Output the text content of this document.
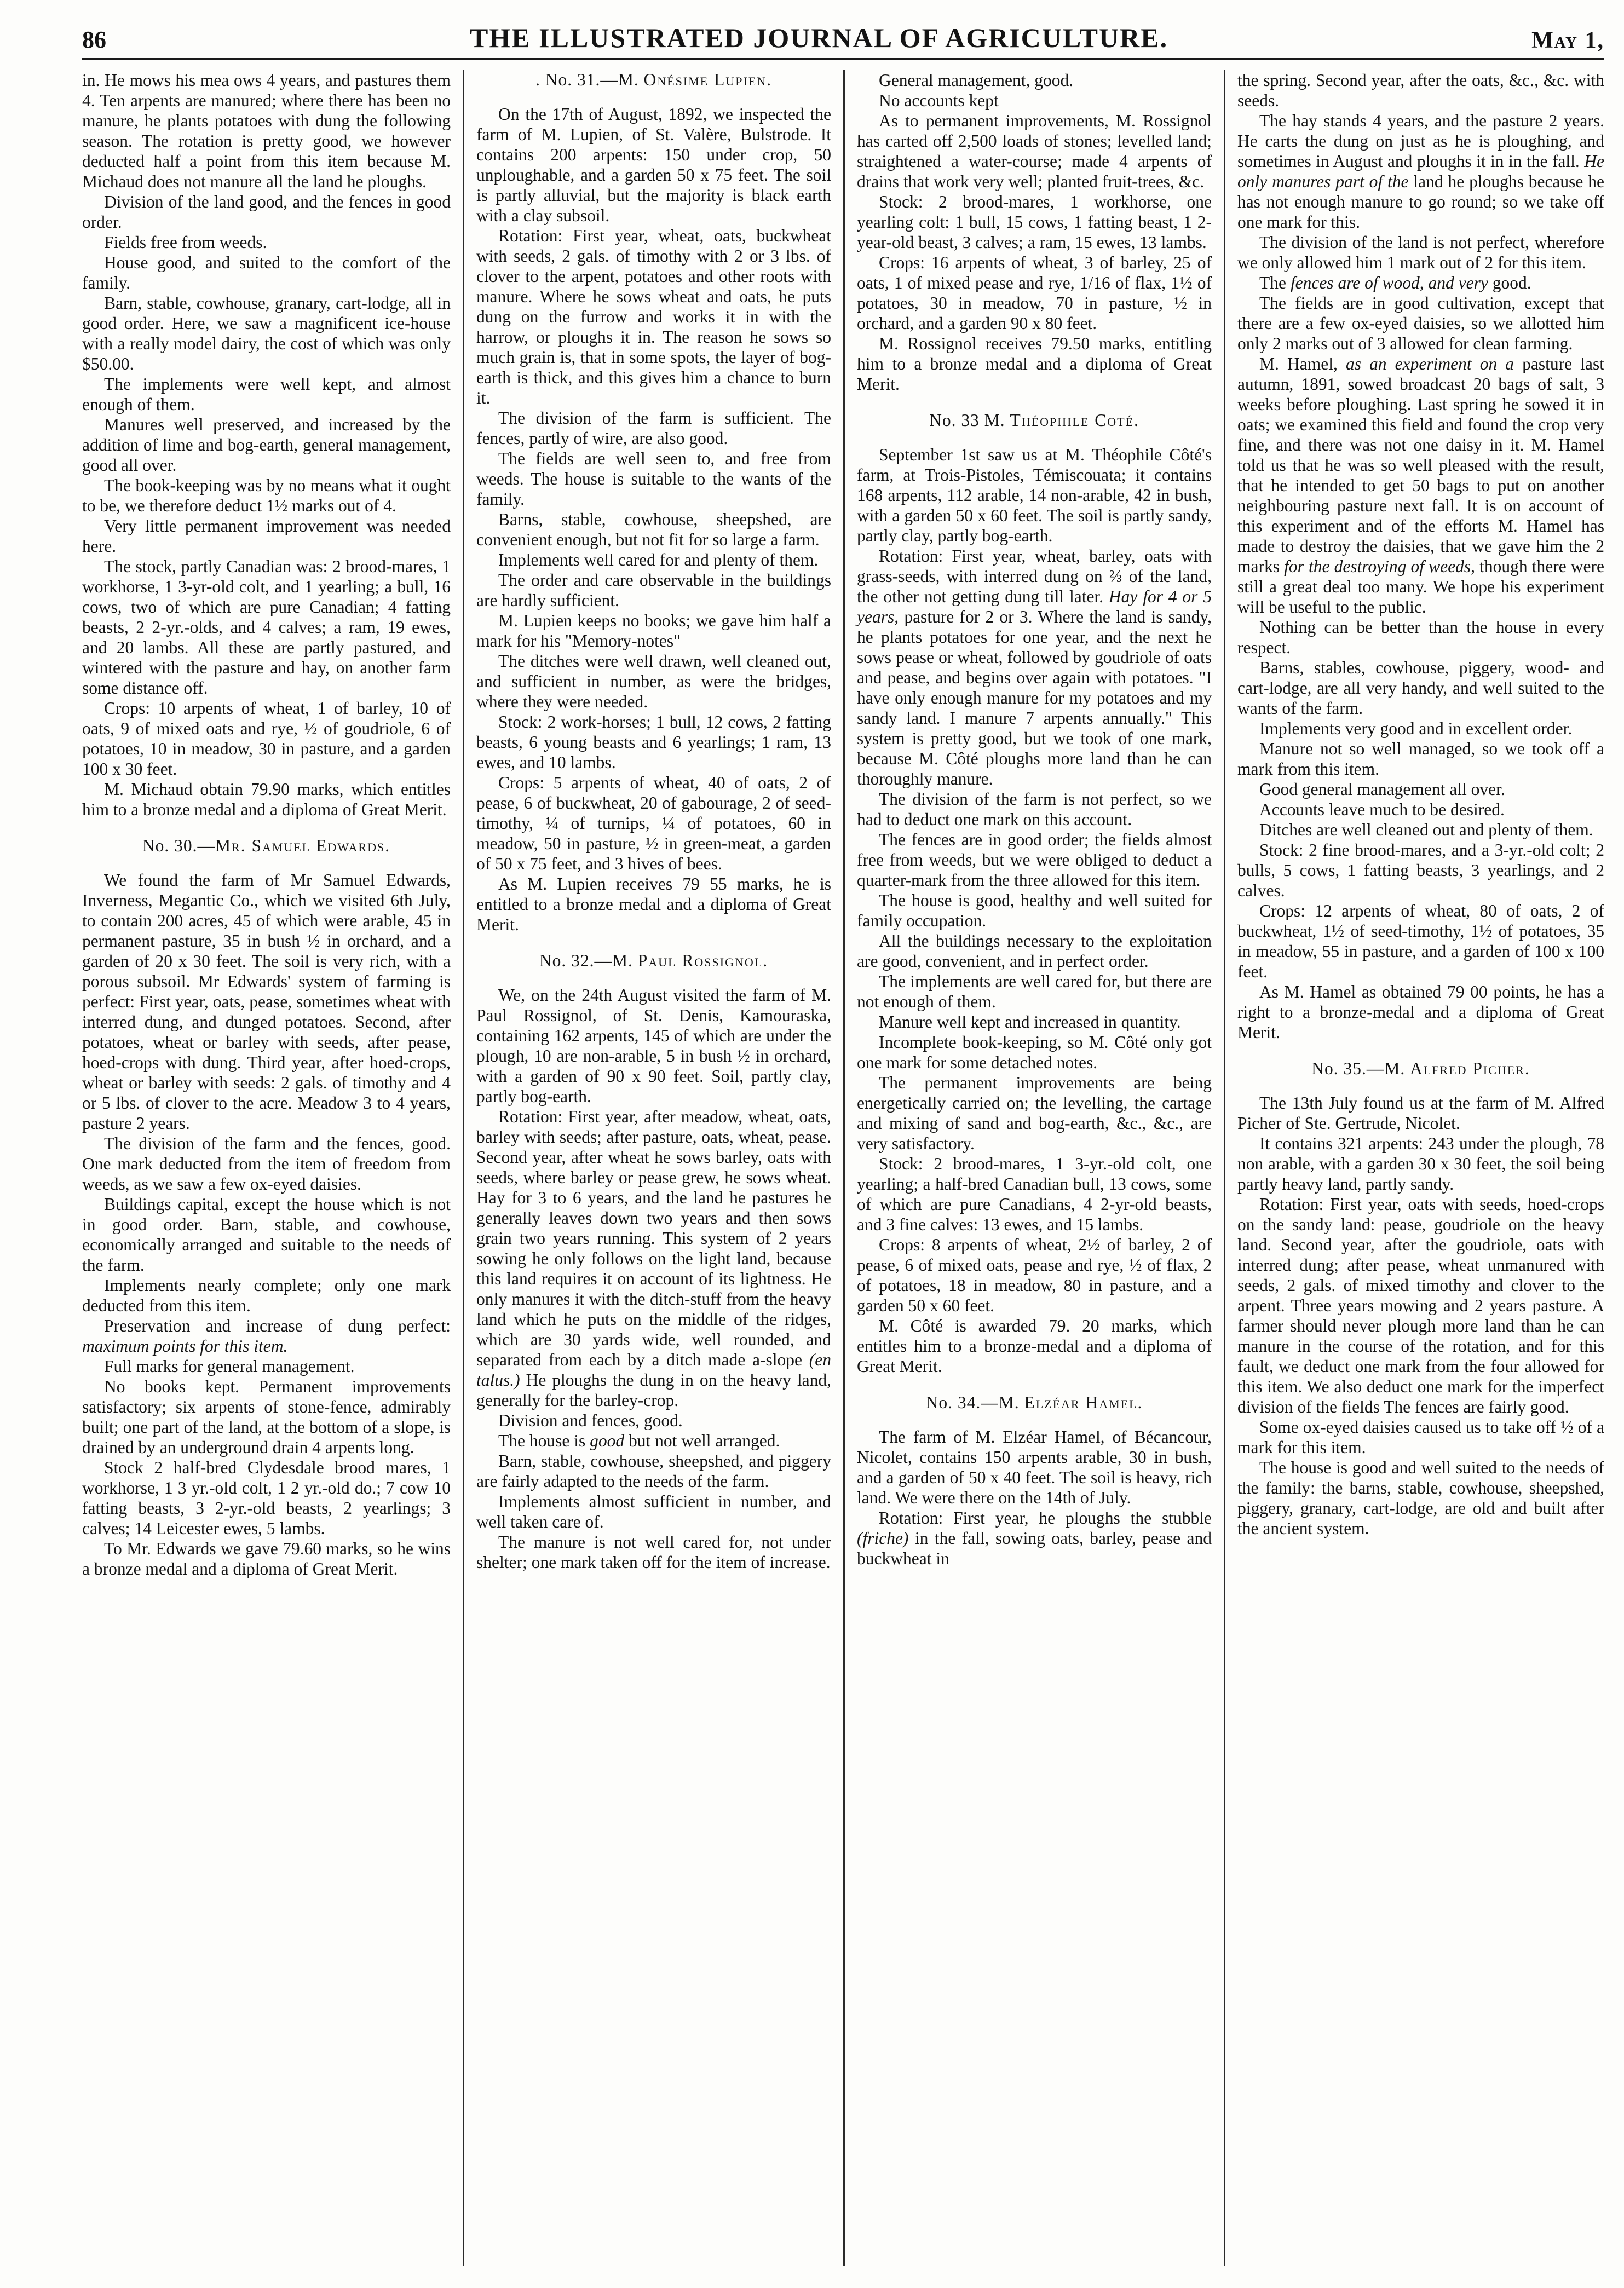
86	THE ILLUSTRATED JOURNAL OF AGRICULTURE.	May 1,

in. He mows his mea ows 4 years, and pastures them 4. Ten arpents are manured; where there has been no manure, he plants potatoes with dung the following season. The rotation is pretty good, we however deducted half a point from this item because M. Michaud does not manure all the land he ploughs.

Division of the land good, and the fences in good order.

Fields free from weeds.

House good, and suited to the comfort of the family.

Barn, stable, cowhouse, granary, cart-lodge, all in good order. Here, we saw a magnificent ice-house with a really model dairy, the cost of which was only $50.00.

The implements were well kept, and almost enough of them.

Manures well preserved, and increased by the addition of lime and bog-earth, general management, good all over.

The book-keeping was by no means what it ought to be, we therefore deduct 1½ marks out of 4.

Very little permanent improvement was needed here.

The stock, partly Canadian was: 2 brood-mares, 1 workhorse, 1 3-yr-old colt, and 1 yearling; a bull, 16 cows, two of which are pure Canadian; 4 fatting beasts, 2 2-yr.-olds, and 4 calves; a ram, 19 ewes, and 20 lambs. All these are partly pastured, and wintered with the pasture and hay, on another farm some distance off.

Crops: 10 arpents of wheat, 1 of barley, 10 of oats, 9 of mixed oats and rye, ½ of goudriole, 6 of potatoes, 10 in meadow, 30 in pasture, and a garden 100 x 30 feet.

M. Michaud obtain 79.90 marks, which entitles him to a bronze medal and a diploma of Great Merit.

No. 30.—Mr. Samuel Edwards.

We found the farm of Mr Samuel Edwards, Inverness, Megantic Co., which we visited 6th July, to contain 200 acres, 45 of which were arable, 45 in permanent pasture, 35 in bush ½ in orchard, and a garden of 20 x 30 feet. The soil is very rich, with a porous subsoil. Mr Edwards' system of farming is perfect: First year, oats, pease, sometimes wheat with interred dung, and dunged potatoes. Second, after potatoes, wheat or barley with seeds, after pease, hoed-crops with dung. Third year, after hoed-crops, wheat or barley with seeds: 2 gals. of timothy and 4 or 5 lbs. of clover to the acre. Meadow 3 to 4 years, pasture 2 years.

The division of the farm and the fences, good. One mark deducted from the item of freedom from weeds, as we saw a few ox-eyed daisies.

Buildings capital, except the house which is not in good order. Barn, stable, and cowhouse, economically arranged and suitable to the needs of the farm.

Implements nearly complete; only one mark deducted from this item.

Preservation and increase of dung perfect: maximum points for this item.

Full marks for general management.

No books kept. Permanent improvements satisfactory; six arpents of stone-fence, admirably built; one part of the land, at the bottom of a slope, is drained by an underground drain 4 arpents long.

Stock 2 half-bred Clydesdale brood mares, 1 workhorse, 1 3 yr.-old colt, 1 2 yr.-old do.; 7 cow 10 fatting beasts, 3 2-yr.-old beasts, 2 yearlings; 3 calves; 14 Leicester ewes, 5 lambs.

To Mr. Edwards we gave 79.60 marks, so he wins a bronze medal and a diploma of Great Merit.

. No. 31.—M. Onésime Lupien.

On the 17th of August, 1892, we inspected the farm of M. Lupien, of St. Valère, Bulstrode. It contains 200 arpents: 150 under crop, 50 unploughable, and a garden 50 x 75 feet. The soil is partly alluvial, but the majority is black earth with a clay subsoil.

Rotation: First year, wheat, oats, buckwheat with seeds, 2 gals. of timothy with 2 or 3 lbs. of clover to the arpent, potatoes and other roots with manure. Where he sows wheat and oats, he puts dung on the furrow and works it in with the harrow, or ploughs it in. The reason he sows so much grain is, that in some spots, the layer of bog-earth is thick, and this gives him a chance to burn it.

The division of the farm is sufficient. The fences, partly of wire, are also good.

The fields are well seen to, and free from weeds. The house is suitable to the wants of the family.

Barns, stable, cowhouse, sheepshed, are convenient enough, but not fit for so large a farm.

Implements well cared for and plenty of them.

The order and care observable in the buildings are hardly sufficient.

M. Lupien keeps no books; we gave him half a mark for his "Memory-notes"

The ditches were well drawn, well cleaned out, and sufficient in number, as were the bridges, where they were needed.

Stock: 2 work-horses; 1 bull, 12 cows, 2 fatting beasts, 6 young beasts and 6 yearlings; 1 ram, 13 ewes, and 10 lambs.

Crops: 5 arpents of wheat, 40 of oats, 2 of pease, 6 of buckwheat, 20 of gabourage, 2 of seed-timothy, ¼ of turnips, ¼ of potatoes, 60 in meadow, 50 in pasture, ½ in green-meat, a garden of 50 x 75 feet, and 3 hives of bees.

As M. Lupien receives 79 55 marks, he is entitled to a bronze medal and a diploma of Great Merit.

No. 32.—M. Paul Rossignol.

We, on the 24th August visited the farm of M. Paul Rossignol, of St. Denis, Kamouraska, containing 162 arpents, 145 of which are under the plough, 10 are non-arable, 5 in bush ½ in orchard, with a garden of 90 x 90 feet. Soil, partly clay, partly bog-earth.

Rotation: First year, after meadow, wheat, oats, barley with seeds; after pasture, oats, wheat, pease. Second year, after wheat he sows barley, oats with seeds, where barley or pease grew, he sows wheat. Hay for 3 to 6 years, and the land he pastures he generally leaves down two years and then sows grain two years running. This system of 2 years sowing he only follows on the light land, because this land requires it on account of its lightness. He only manures it with the ditch-stuff from the heavy land which he puts on the middle of the ridges, which are 30 yards wide, well rounded, and separated from each by a ditch made a-slope (en talus.) He ploughs the dung in on the heavy land, generally for the barley-crop.

Division and fences, good.

The house is good but not well arranged.

Barn, stable, cowhouse, sheepshed, and piggery are fairly adapted to the needs of the farm.

Implements almost sufficient in number, and well taken care of.

The manure is not well cared for, not under shelter; one mark taken off for the item of increase.

General management, good.

No accounts kept

As to permanent improvements, M. Rossignol has carted off 2,500 loads of stones; levelled land; straightened a water-course; made 4 arpents of drains that work very well; planted fruit-trees, &c.

Stock: 2 brood-mares, 1 workhorse, one yearling colt: 1 bull, 15 cows, 1 fatting beast, 1 2-year-old beast, 3 calves; a ram, 15 ewes, 13 lambs.

Crops: 16 arpents of wheat, 3 of barley, 25 of oats, 1 of mixed pease and rye, 1/16 of flax, 1½ of potatoes, 30 in meadow, 70 in pasture, ½ in orchard, and a garden 90 x 80 feet.

M. Rossignol receives 79.50 marks, entitling him to a bronze medal and a diploma of Great Merit.

No. 33 M. Théophile Coté.

September 1st saw us at M. Théophile Côté's farm, at Trois-Pistoles, Témiscouata; it contains 168 arpents, 112 arable, 14 non-arable, 42 in bush, with a garden 50 x 60 feet. The soil is partly sandy, partly clay, partly bog-earth.

Rotation: First year, wheat, barley, oats with grass-seeds, with interred dung on ⅔ of the land, the other not getting dung till later. Hay for 4 or 5 years, pasture for 2 or 3. Where the land is sandy, he plants potatoes for one year, and the next he sows pease or wheat, followed by goudriole of oats and pease, and begins over again with potatoes. "I have only enough manure for my potatoes and my sandy land. I manure 7 arpents annually." This system is pretty good, but we took of one mark, because M. Côté ploughs more land than he can thoroughly manure.

The division of the farm is not perfect, so we had to deduct one mark on this account.

The fences are in good order; the fields almost free from weeds, but we were obliged to deduct a quarter-mark from the three allowed for this item.

The house is good, healthy and well suited for family occupation.

All the buildings necessary to the exploitation are good, convenient, and in perfect order.

The implements are well cared for, but there are not enough of them.

Manure well kept and increased in quantity.

Incomplete book-keeping, so M. Côté only got one mark for some detached notes.

The permanent improvements are being energetically carried on; the levelling, the cartage and mixing of sand and bog-earth, &c., &c., are very satisfactory.

Stock: 2 brood-mares, 1 3-yr.-old colt, one yearling; a half-bred Canadian bull, 13 cows, some of which are pure Canadians, 4 2-yr-old beasts, and 3 fine calves: 13 ewes, and 15 lambs.

Crops: 8 arpents of wheat, 2½ of barley, 2 of pease, 6 of mixed oats, pease and rye, ½ of flax, 2 of potatoes, 18 in meadow, 80 in pasture, and a garden 50 x 60 feet.

M. Côté is awarded 79. 20 marks, which entitles him to a bronze-medal and a diploma of Great Merit.

No. 34.—M. Elzéar Hamel.

The farm of M. Elzéar Hamel, of Bécancour, Nicolet, contains 150 arpents arable, 30 in bush, and a garden of 50 x 40 feet. The soil is heavy, rich land. We were there on the 14th of July.

Rotation: First year, he ploughs the stubble (friche) in the fall, sowing oats, barley, pease and buckwheat in

the spring. Second year, after the oats, &c., &c. with seeds.

The hay stands 4 years, and the pasture 2 years. He carts the dung on just as he is ploughing, and sometimes in August and ploughs it in in the fall. He only manures part of the land he ploughs because he has not enough manure to go round; so we take off one mark for this.

The division of the land is not perfect, wherefore we only allowed him 1 mark out of 2 for this item.

The fences are of wood, and very good.

The fields are in good cultivation, except that there are a few ox-eyed daisies, so we allotted him only 2 marks out of 3 allowed for clean farming.

M. Hamel, as an experiment on a pasture last autumn, 1891, sowed broadcast 20 bags of salt, 3 weeks before ploughing. Last spring he sowed it in oats; we examined this field and found the crop very fine, and there was not one daisy in it. M. Hamel told us that he was so well pleased with the result, that he intended to get 50 bags to put on another neighbouring pasture next fall. It is on account of this experiment and of the efforts M. Hamel has made to destroy the daisies, that we gave him the 2 marks for the destroying of weeds, though there were still a great deal too many. We hope his experiment will be useful to the public.

Nothing can be better than the house in every respect.

Barns, stables, cowhouse, piggery, wood- and cart-lodge, are all very handy, and well suited to the wants of the farm.

Implements very good and in excellent order.

Manure not so well managed, so we took off a mark from this item.

Good general management all over.

Accounts leave much to be desired.

Ditches are well cleaned out and plenty of them.

Stock: 2 fine brood-mares, and a 3-yr.-old colt; 2 bulls, 5 cows, 1 fatting beasts, 3 yearlings, and 2 calves.

Crops: 12 arpents of wheat, 80 of oats, 2 of buckwheat, 1½ of seed-timothy, 1½ of potatoes, 35 in meadow, 55 in pasture, and a garden of 100 x 100 feet.

As M. Hamel as obtained 79 00 points, he has a right to a bronze-medal and a diploma of Great Merit.

No. 35.—M. Alfred Picher.

The 13th July found us at the farm of M. Alfred Picher of Ste. Gertrude, Nicolet.

It contains 321 arpents: 243 under the plough, 78 non arable, with a garden 30 x 30 feet, the soil being partly heavy land, partly sandy.

Rotation: First year, oats with seeds, hoed-crops on the sandy land: pease, goudriole on the heavy land. Second year, after the goudriole, oats with interred dung; after pease, wheat unmanured with seeds, 2 gals. of mixed timothy and clover to the arpent. Three years mowing and 2 years pasture. A farmer should never plough more land than he can manure in the course of the rotation, and for this fault, we deduct one mark from the four allowed for this item. We also deduct one mark for the imperfect division of the fields The fences are fairly good.

Some ox-eyed daisies caused us to take off ½ of a mark for this item.

The house is good and well suited to the needs of the family: the barns, stable, cowhouse, sheepshed, piggery, granary, cart-lodge, are old and built after the ancient system.
